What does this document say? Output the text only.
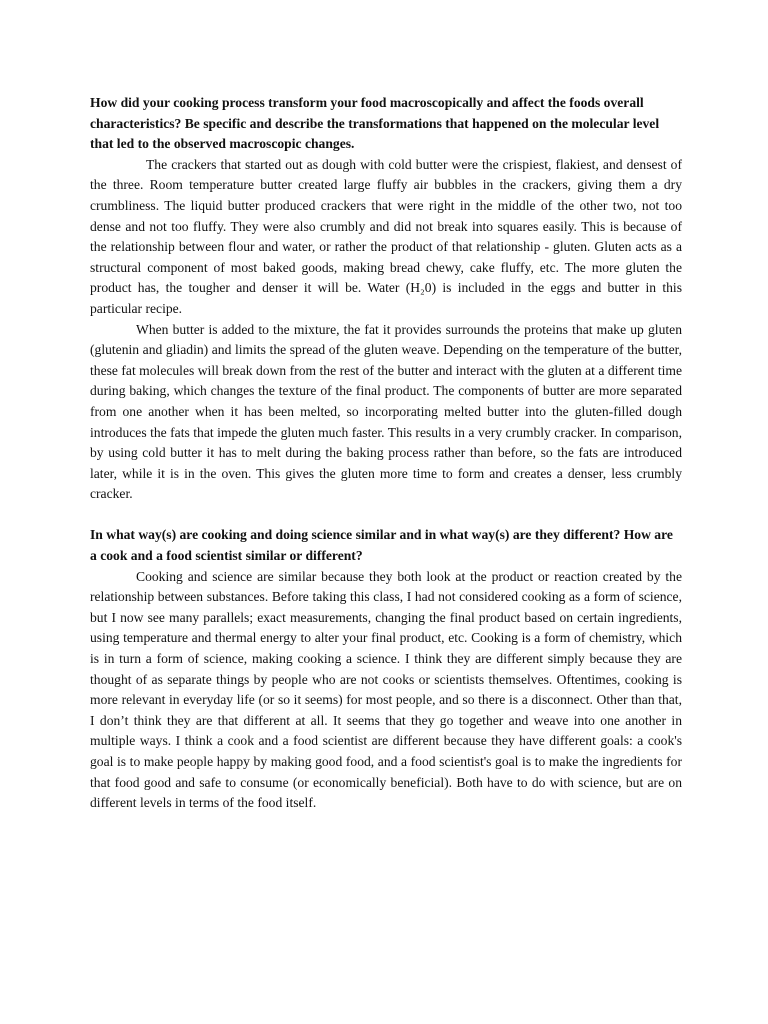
How did your cooking process transform your food macroscopically and affect the foods overall characteristics? Be specific and describe the transformations that happened on the molecular level that led to the observed macroscopic changes.

The crackers that started out as dough with cold butter were the crispiest, flakiest, and densest of the three. Room temperature butter created large fluffy air bubbles in the crackers, giving them a dry crumbliness. The liquid butter produced crackers that were right in the middle of the other two, not too dense and not too fluffy. They were also crumbly and did not break into squares easily. This is because of the relationship between flour and water, or rather the product of that relationship - gluten. Gluten acts as a structural component of most baked goods, making bread chewy, cake fluffy, etc. The more gluten the product has, the tougher and denser it will be. Water (H₂0) is included in the eggs and butter in this particular recipe.

When butter is added to the mixture, the fat it provides surrounds the proteins that make up gluten (glutenin and gliadin) and limits the spread of the gluten weave. Depending on the temperature of the butter, these fat molecules will break down from the rest of the butter and interact with the gluten at a different time during baking, which changes the texture of the final product. The components of butter are more separated from one another when it has been melted, so incorporating melted butter into the gluten-filled dough introduces the fats that impede the gluten much faster. This results in a very crumbly cracker. In comparison, by using cold butter it has to melt during the baking process rather than before, so the fats are introduced later, while it is in the oven. This gives the gluten more time to form and creates a denser, less crumbly cracker.

In what way(s) are cooking and doing science similar and in what way(s) are they different? How are a cook and a food scientist similar or different?

Cooking and science are similar because they both look at the product or reaction created by the relationship between substances. Before taking this class, I had not considered cooking as a form of science, but I now see many parallels; exact measurements, changing the final product based on certain ingredients, using temperature and thermal energy to alter your final product, etc. Cooking is a form of chemistry, which is in turn a form of science, making cooking a science. I think they are different simply because they are thought of as separate things by people who are not cooks or scientists themselves. Oftentimes, cooking is more relevant in everyday life (or so it seems) for most people, and so there is a disconnect. Other than that, I don’t think they are that different at all. It seems that they go together and weave into one another in multiple ways. I think a cook and a food scientist are different because they have different goals: a cook's goal is to make people happy by making good food, and a food scientist's goal is to make the ingredients for that food good and safe to consume (or economically beneficial). Both have to do with science, but are on different levels in terms of the food itself.
